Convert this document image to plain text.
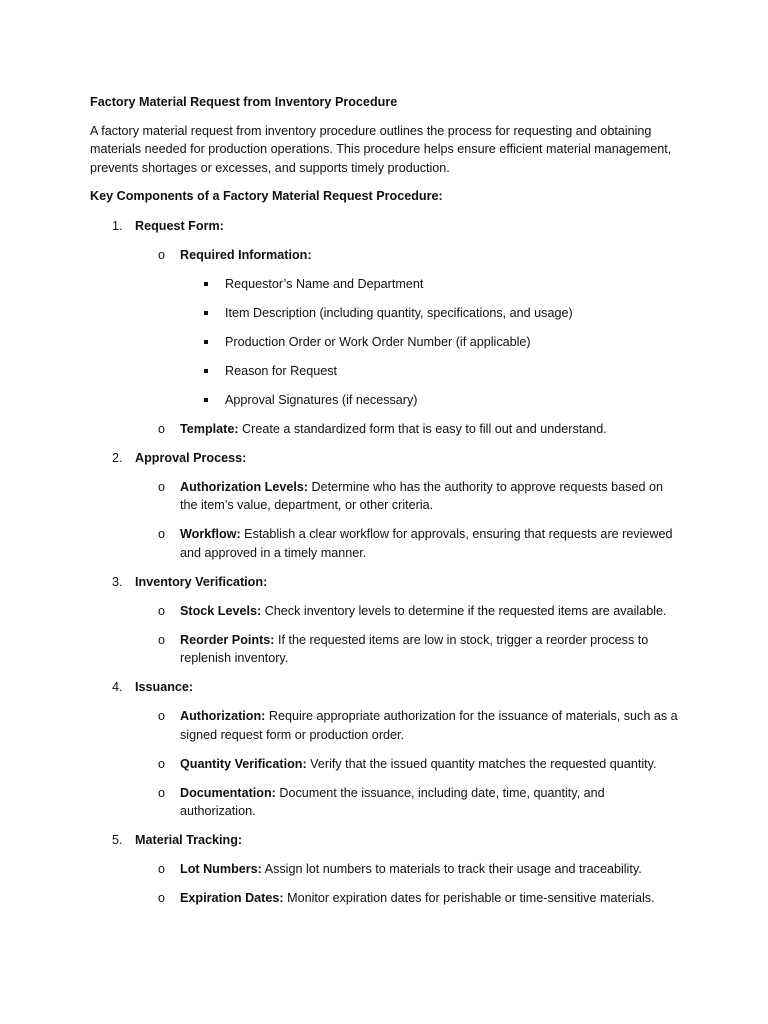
Factory Material Request from Inventory Procedure
A factory material request from inventory procedure outlines the process for requesting and obtaining materials needed for production operations. This procedure helps ensure efficient material management, prevents shortages or excesses, and supports timely production.
Key Components of a Factory Material Request Procedure:
1. Request Form:
o Required Information:
Requestor’s Name and Department
Item Description (including quantity, specifications, and usage)
Production Order or Work Order Number (if applicable)
Reason for Request
Approval Signatures (if necessary)
o Template: Create a standardized form that is easy to fill out and understand.
2. Approval Process:
o Authorization Levels: Determine who has the authority to approve requests based on the item’s value, department, or other criteria.
o Workflow: Establish a clear workflow for approvals, ensuring that requests are reviewed and approved in a timely manner.
3. Inventory Verification:
o Stock Levels: Check inventory levels to determine if the requested items are available.
o Reorder Points: If the requested items are low in stock, trigger a reorder process to replenish inventory.
4. Issuance:
o Authorization: Require appropriate authorization for the issuance of materials, such as a signed request form or production order.
o Quantity Verification: Verify that the issued quantity matches the requested quantity.
o Documentation: Document the issuance, including date, time, quantity, and authorization.
5. Material Tracking:
o Lot Numbers: Assign lot numbers to materials to track their usage and traceability.
o Expiration Dates: Monitor expiration dates for perishable or time-sensitive materials.
